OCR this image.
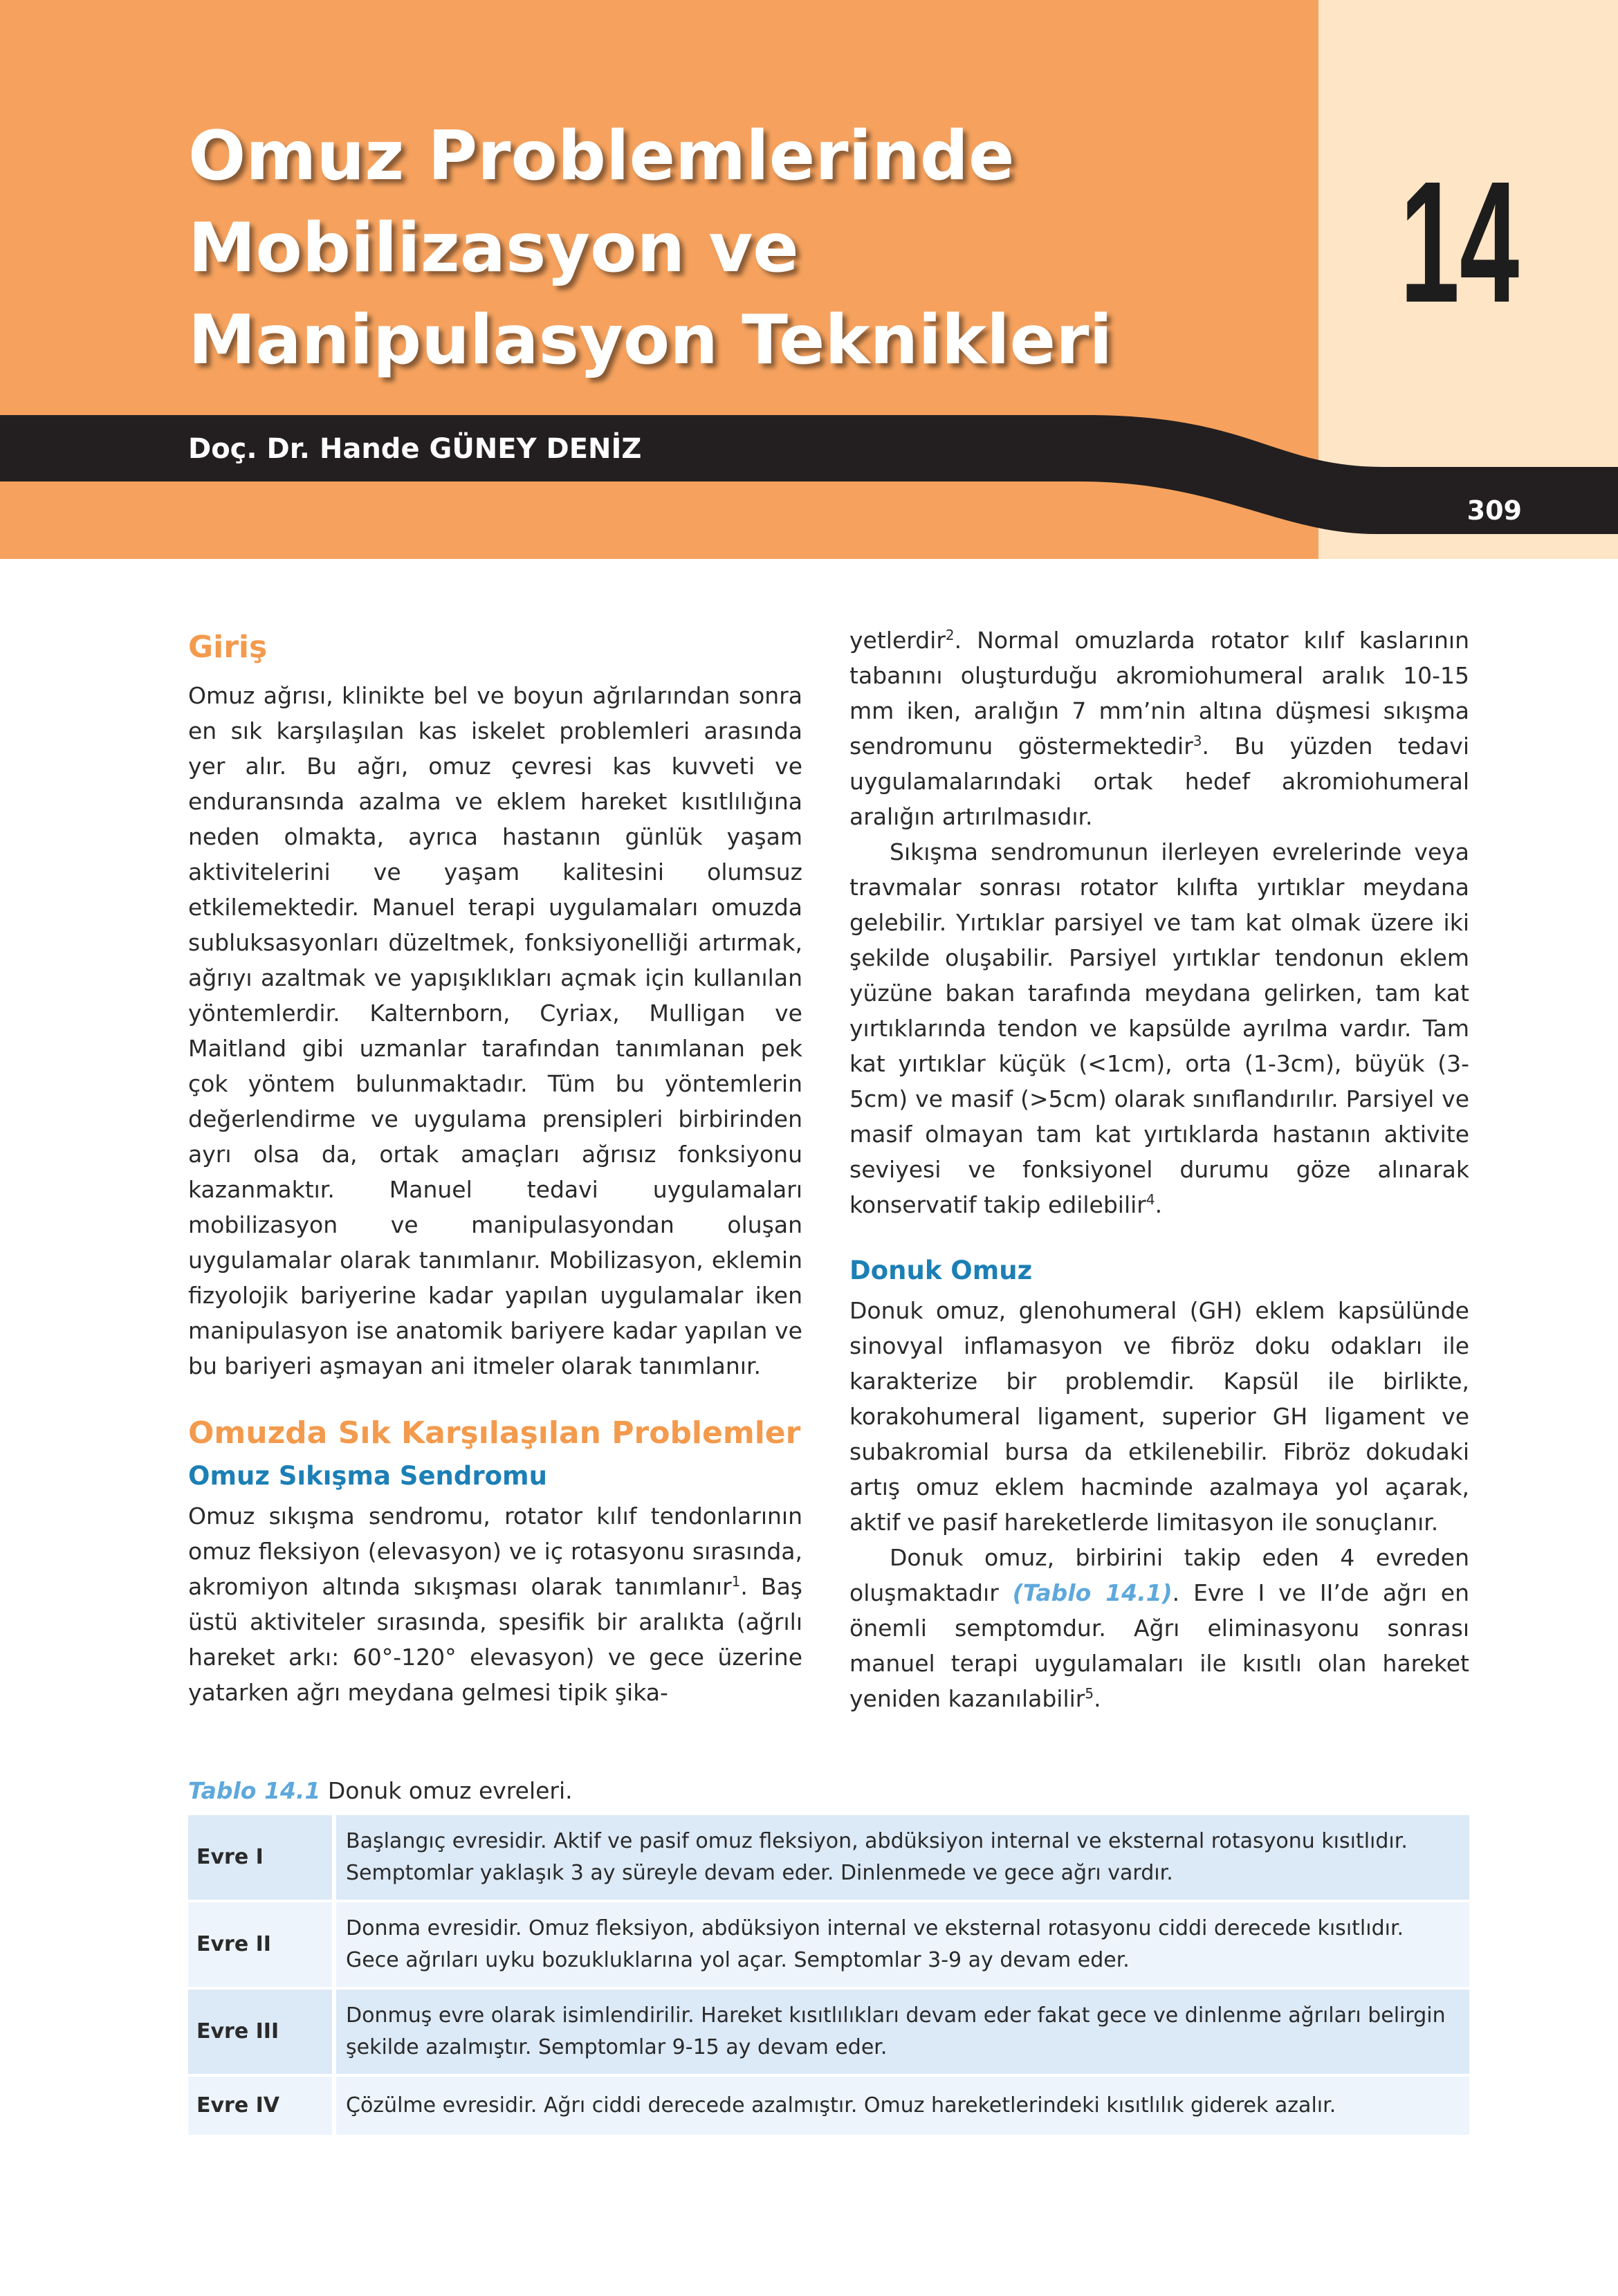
Omuz Problemlerinde Mobilizasyon ve Manipulasyon Teknikleri
14
Doç. Dr. Hande GÜNEY DENİZ
309
Giriş

Omuz ağrısı, klinikte bel ve boyun ağrılarından sonra en sık karşılaşılan kas iskelet problemleri arasında yer alır. Bu ağrı, omuz çevresi kas kuvveti ve enduransında azalma ve eklem hareket kısıtlılığına neden olmakta, ayrıca hastanın günlük yaşam aktivitelerini ve yaşam kalitesini olumsuz etkilemektedir. Manuel terapi uygulamaları omuzda subluksasyonları düzeltmek, fonksiyonelliği artırmak, ağrıyı azaltmak ve yapışıklıkları açmak için kullanılan yöntemlerdir. Kalternborn, Cyriax, Mulligan ve Maitland gibi uzmanlar tarafından tanımlanan pek çok yöntem bulunmaktadır. Tüm bu yöntemlerin değerlendirme ve uygulama prensipleri birbirinden ayrı olsa da, ortak amaçları ağrısız fonksiyonu kazanmaktır. Manuel tedavi uygulamaları mobilizasyon ve manipulasyondan oluşan uygulamalar olarak tanımlanır. Mobilizasyon, eklemin fizyolojik bariyerine kadar yapılan uygulamalar iken manipulasyon ise anatomik bariyere kadar yapılan ve bu bariyeri aşmayan ani itmeler olarak tanımlanır.

Omuzda Sık Karşılaşılan Problemler
Omuz Sıkışma Sendromu

Omuz sıkışma sendromu, rotator kılıf tendonlarının omuz fleksiyon (elevasyon) ve iç rotasyonu sırasında, akromiyon altında sıkışması olarak tanımlanır$^1$. Baş üstü aktiviteler sırasında, spesifik bir aralıkta (ağrılı hareket arkı: 60°-120° elevasyon) ve gece üzerine yatarken ağrı meydana gelmesi tipik şika-

yetlerdir$^2$. Normal omuzlarda rotator kılıf kaslarının tabanını oluşturduğu akromiohumeral aralık 10-15 mm iken, aralığın 7 mm’nin altına düşmesi sıkışma sendromunu göstermektedir$^3$. Bu yüzden tedavi uygulamalarındaki ortak hedef akromiohumeral aralığın artırılmasıdır.

Sıkışma sendromunun ilerleyen evrelerinde veya travmalar sonrası rotator kılıfta yırtıklar meydana gelebilir. Yırtıklar parsiyel ve tam kat olmak üzere iki şekilde oluşabilir. Parsiyel yırtıklar tendonun eklem yüzüne bakan tarafında meydana gelirken, tam kat yırtıklarında tendon ve kapsülde ayrılma vardır. Tam kat yırtıklar küçük (<1cm), orta (1-3cm), büyük (3-5cm) ve masif (>5cm) olarak sınıflandırılır. Parsiyel ve masif olmayan tam kat yırtıklarda hastanın aktivite seviyesi ve fonksiyonel durumu göze alınarak konservatif takip edilebilir$^4$.

Donuk Omuz

Donuk omuz, glenohumeral (GH) eklem kapsülünde sinovyal inflamasyon ve fibröz doku odakları ile karakterize bir problemdir. Kapsül ile birlikte, korakohumeral ligament, superior GH ligament ve subakromial bursa da etkilenebilir. Fibröz dokudaki artış omuz eklem hacminde azalmaya yol açarak, aktif ve pasif hareketlerde limitasyon ile sonuçlanır.

Donuk omuz, birbirini takip eden 4 evreden oluşmaktadır (Tablo 14.1). Evre I ve II’de ağrı en önemli semptomdur. Ağrı eliminasyonu sonrası manuel terapi uygulamaları ile kısıtlı olan hareket yeniden kazanılabilir$^5$.

Tablo 14.1 Donuk omuz evreleri.

Evre I	Başlangıç evresidir. Aktif ve pasif omuz fleksiyon, abdüksiyon internal ve eksternal rotasyonu kısıtlıdır. Semptomlar yaklaşık 3 ay süreyle devam eder. Dinlenmede ve gece ağrı vardır.
Evre II	Donma evresidir. Omuz fleksiyon, abdüksiyon internal ve eksternal rotasyonu ciddi derecede kısıtlıdır. Gece ağrıları uyku bozukluklarına yol açar. Semptomlar 3-9 ay devam eder.
Evre III	Donmuş evre olarak isimlendirilir. Hareket kısıtlılıkları devam eder fakat gece ve dinlenme ağrıları belirgin şekilde azalmıştır. Semptomlar 9-15 ay devam eder.
Evre IV	Çözülme evresidir. Ağrı ciddi derecede azalmıştır. Omuz hareketlerindeki kısıtlılık giderek azalır.
